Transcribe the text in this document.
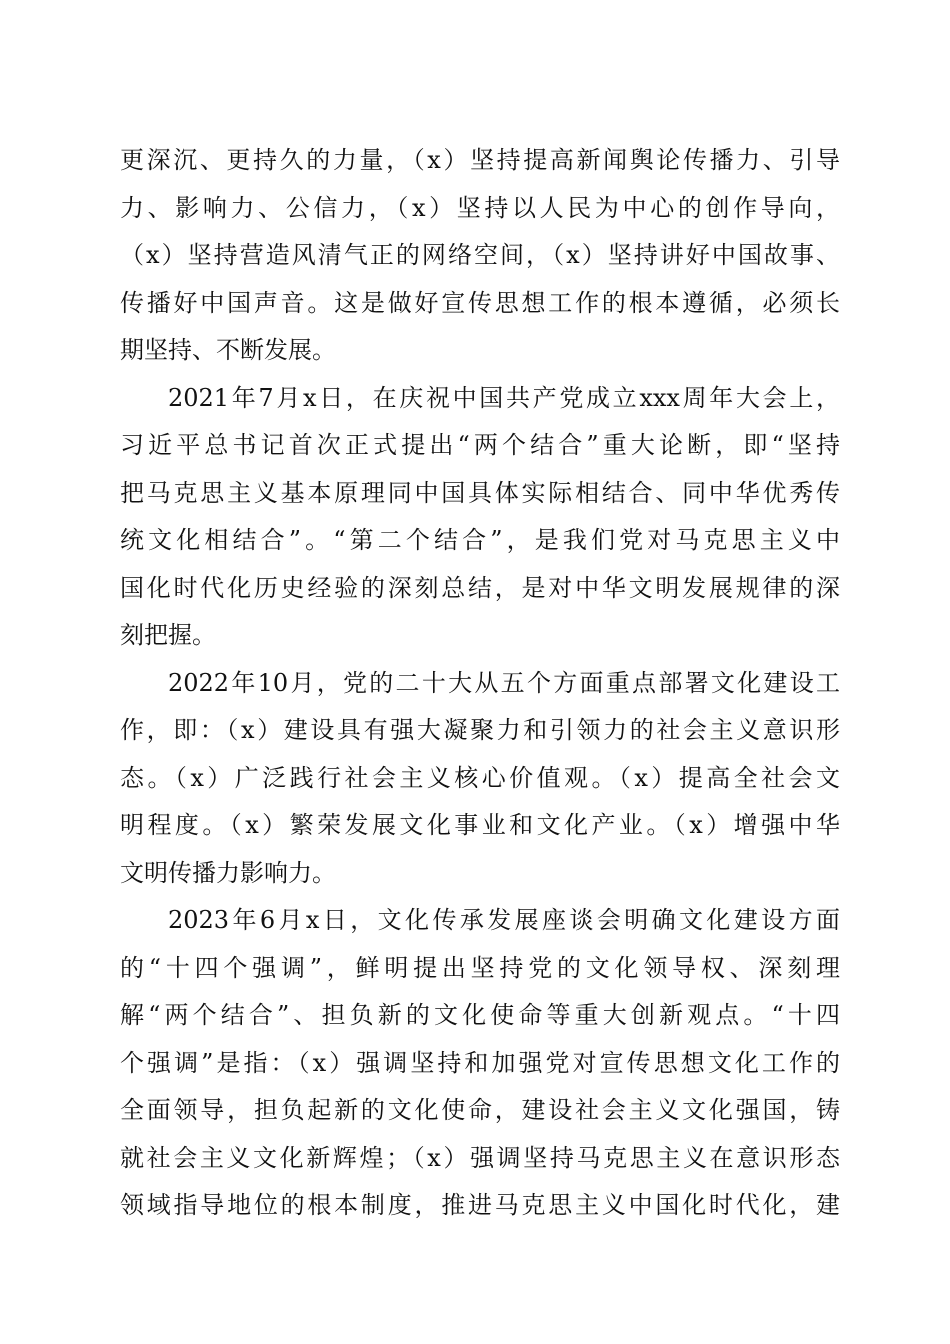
更深沉、更持久的力量，（x）坚持提高新闻舆论传播力、引导
力、影响力、公信力，（x）坚持以人民为中心的创作导向，
（x）坚持营造风清气正的网络空间，（x）坚持讲好中国故事、
传播好中国声音。这是做好宣传思想工作的根本遵循，必须长
期坚持、不断发展。
2021年7月x日，在庆祝中国共产党成立xxx周年大会上，
习近平总书记首次正式提出“两个结合”重大论断，即“坚持
把马克思主义基本原理同中国具体实际相结合、同中华优秀传
统文化相结合”。“第二个结合”，是我们党对马克思主义中
国化时代化历史经验的深刻总结，是对中华文明发展规律的深
刻把握。
2022年10月，党的二十大从五个方面重点部署文化建设工
作，即：（x）建设具有强大凝聚力和引领力的社会主义意识形
态。（x）广泛践行社会主义核心价值观。（x）提高全社会文
明程度。（x）繁荣发展文化事业和文化产业。（x）增强中华
文明传播力影响力。
2023年6月x日，文化传承发展座谈会明确文化建设方面
的“十四个强调”，鲜明提出坚持党的文化领导权、深刻理
解“两个结合”、担负新的文化使命等重大创新观点。“十四
个强调”是指：（x）强调坚持和加强党对宣传思想文化工作的
全面领导，担负起新的文化使命，建设社会主义文化强国，铸
就社会主义文化新辉煌；（x）强调坚持马克思主义在意识形态
领域指导地位的根本制度，推进马克思主义中国化时代化，建
